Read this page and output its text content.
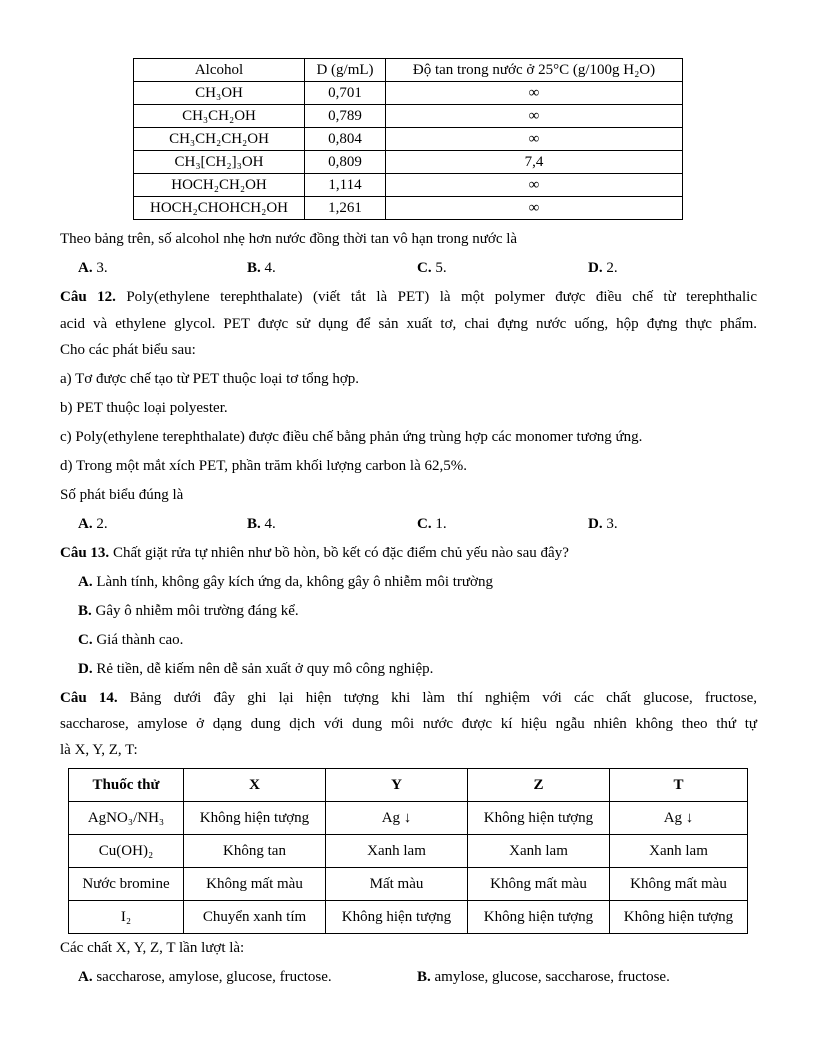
Alcohol	D (g/mL)	Độ tan trong nước ở 25°C (g/100g H₂O)
CH₃OH	0,701	∞
CH₃CH₂OH	0,789	∞
CH₃CH₂CH₂OH	0,804	∞
CH₃[CH₂]₃OH	0,809	7,4
HOCH₂CH₂OH	1,114	∞
HOCH₂CHOHCH₂OH	1,261	∞
Theo bảng trên, số alcohol nhẹ hơn nước đồng thời tan vô hạn trong nước là
A. 3.	B. 4.	C. 5.	D. 2.
Câu 12. Poly(ethylene terephthalate) (viết tắt là PET) là một polymer được điều chế từ terephthalic
acid và ethylene glycol. PET được sử dụng để sản xuất tơ, chai đựng nước uống, hộp đựng thực phẩm.
Cho các phát biểu sau:
a) Tơ được chế tạo từ PET thuộc loại tơ tổng hợp.
b) PET thuộc loại polyester.
c) Poly(ethylene terephthalate) được điều chế bằng phản ứng trùng hợp các monomer tương ứng.
d) Trong một mắt xích PET, phần trăm khối lượng carbon là 62,5%.
Số phát biểu đúng là
A. 2.	B. 4.	C. 1.	D. 3.
Câu 13. Chất giặt rửa tự nhiên như bồ hòn, bồ kết có đặc điểm chủ yếu nào sau đây?
A. Lành tính, không gây kích ứng da, không gây ô nhiễm môi trường
B. Gây ô nhiễm môi trường đáng kể.
C. Giá thành cao.
D. Rẻ tiền, dễ kiếm nên dễ sản xuất ở quy mô công nghiệp.
Câu 14. Bảng dưới đây ghi lại hiện tượng khi làm thí nghiệm với các chất glucose, fructose,
saccharose, amylose ở dạng dung dịch với dung môi nước được kí hiệu ngẫu nhiên không theo thứ tự
là X, Y, Z, T:
Thuốc thử	X	Y	Z	T
AgNO₃/NH₃	Không hiện tượng	Ag ↓	Không hiện tượng	Ag ↓
Cu(OH)₂	Không tan	Xanh lam	Xanh lam	Xanh lam
Nước bromine	Không mất màu	Mất màu	Không mất màu	Không mất màu
I₂	Chuyển xanh tím	Không hiện tượng	Không hiện tượng	Không hiện tượng
Các chất X, Y, Z, T lần lượt là:
A. saccharose, amylose, glucose, fructose.	B. amylose, glucose, saccharose, fructose.
